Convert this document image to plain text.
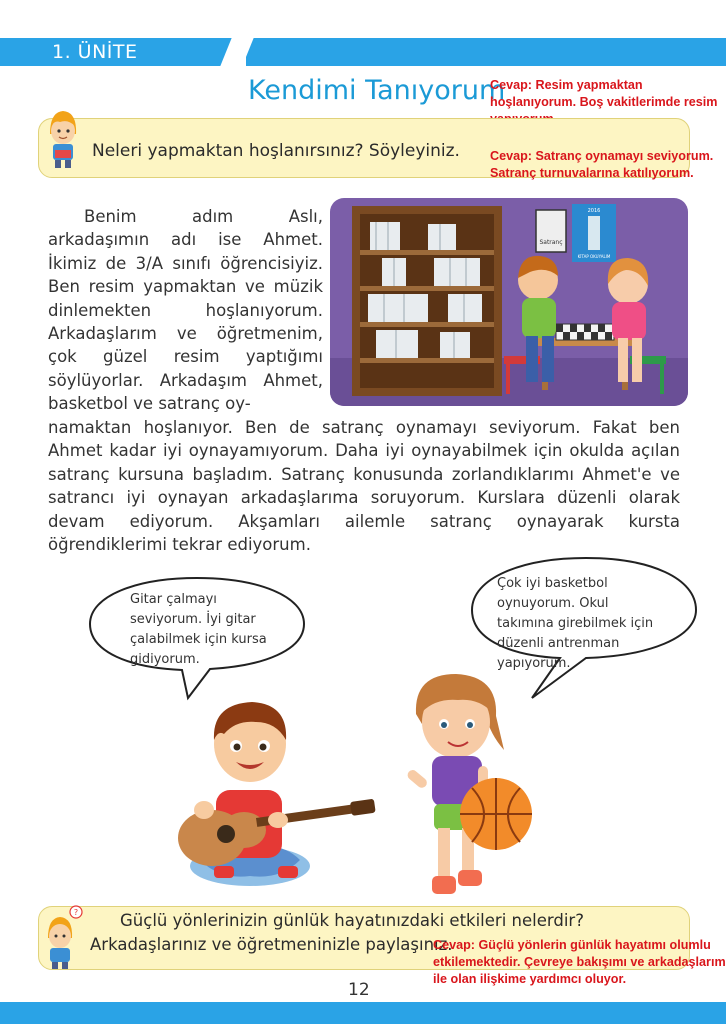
1. ÜNİTE
Kendimi Tanıyorum
Cevap: Resim yapmaktan hoşlanıyorum. Boş vakitlerimde resim
Neleri yapmaktan hoşlanırsınız? Söyleyiniz. Cevap: Satranç oynamayı seviyorum. Satranç turnuvalarına katılıyorum.
Benim adım Aslı, arkadaşımın adı ise Ahmet. İkimiz de 3/A sınıfı öğrencisiyiz. Ben resim yapmaktan ve müzik dinlemekten hoşlanıyorum. Arkadaşlarım ve öğretmenim, çok güzel resim yaptığımı söylüyorlar. Arkadaşım Ahmet, basketbol ve satranç oy-
namaktan hoşlanıyor. Ben de satranç oynamayı seviyorum. Fakat ben Ahmet kadar iyi oynayamıyorum. Daha iyi oynayabilmek için okulda açılan satranç kursuna başladım. Satranç konusunda zorlandıklarımı Ahmet'e ve satrancı iyi oynayan arkadaşlarıma soruyorum. Kurslara düzenli olarak devam ediyorum. Akşamları ailemle satranç oynayarak kursta öğrendiklerimi tekrar ediyorum.
Satranç
2016
KİTAP OKUYALIM
Gitar çalmayı seviyorum. İyi gitar çalabilmek için kursa gidiyorum.
Çok iyi basketbol oynuyorum. Okul takımına girebilmek için düzenli antrenman yapıyorum.
?	Güçlü yönlerinizin günlük hayatınızdaki etkileri nelerdir? Arkadaşlarınız ve öğretmeninizle paylaşınız.
Cevap: Güçlü yönlerin günlük hayatımı olumlu etkilemektedir. Çevreye bakışımı ve arkadaşlarım ile olan ilişkime yardımcı oluyor.
12
